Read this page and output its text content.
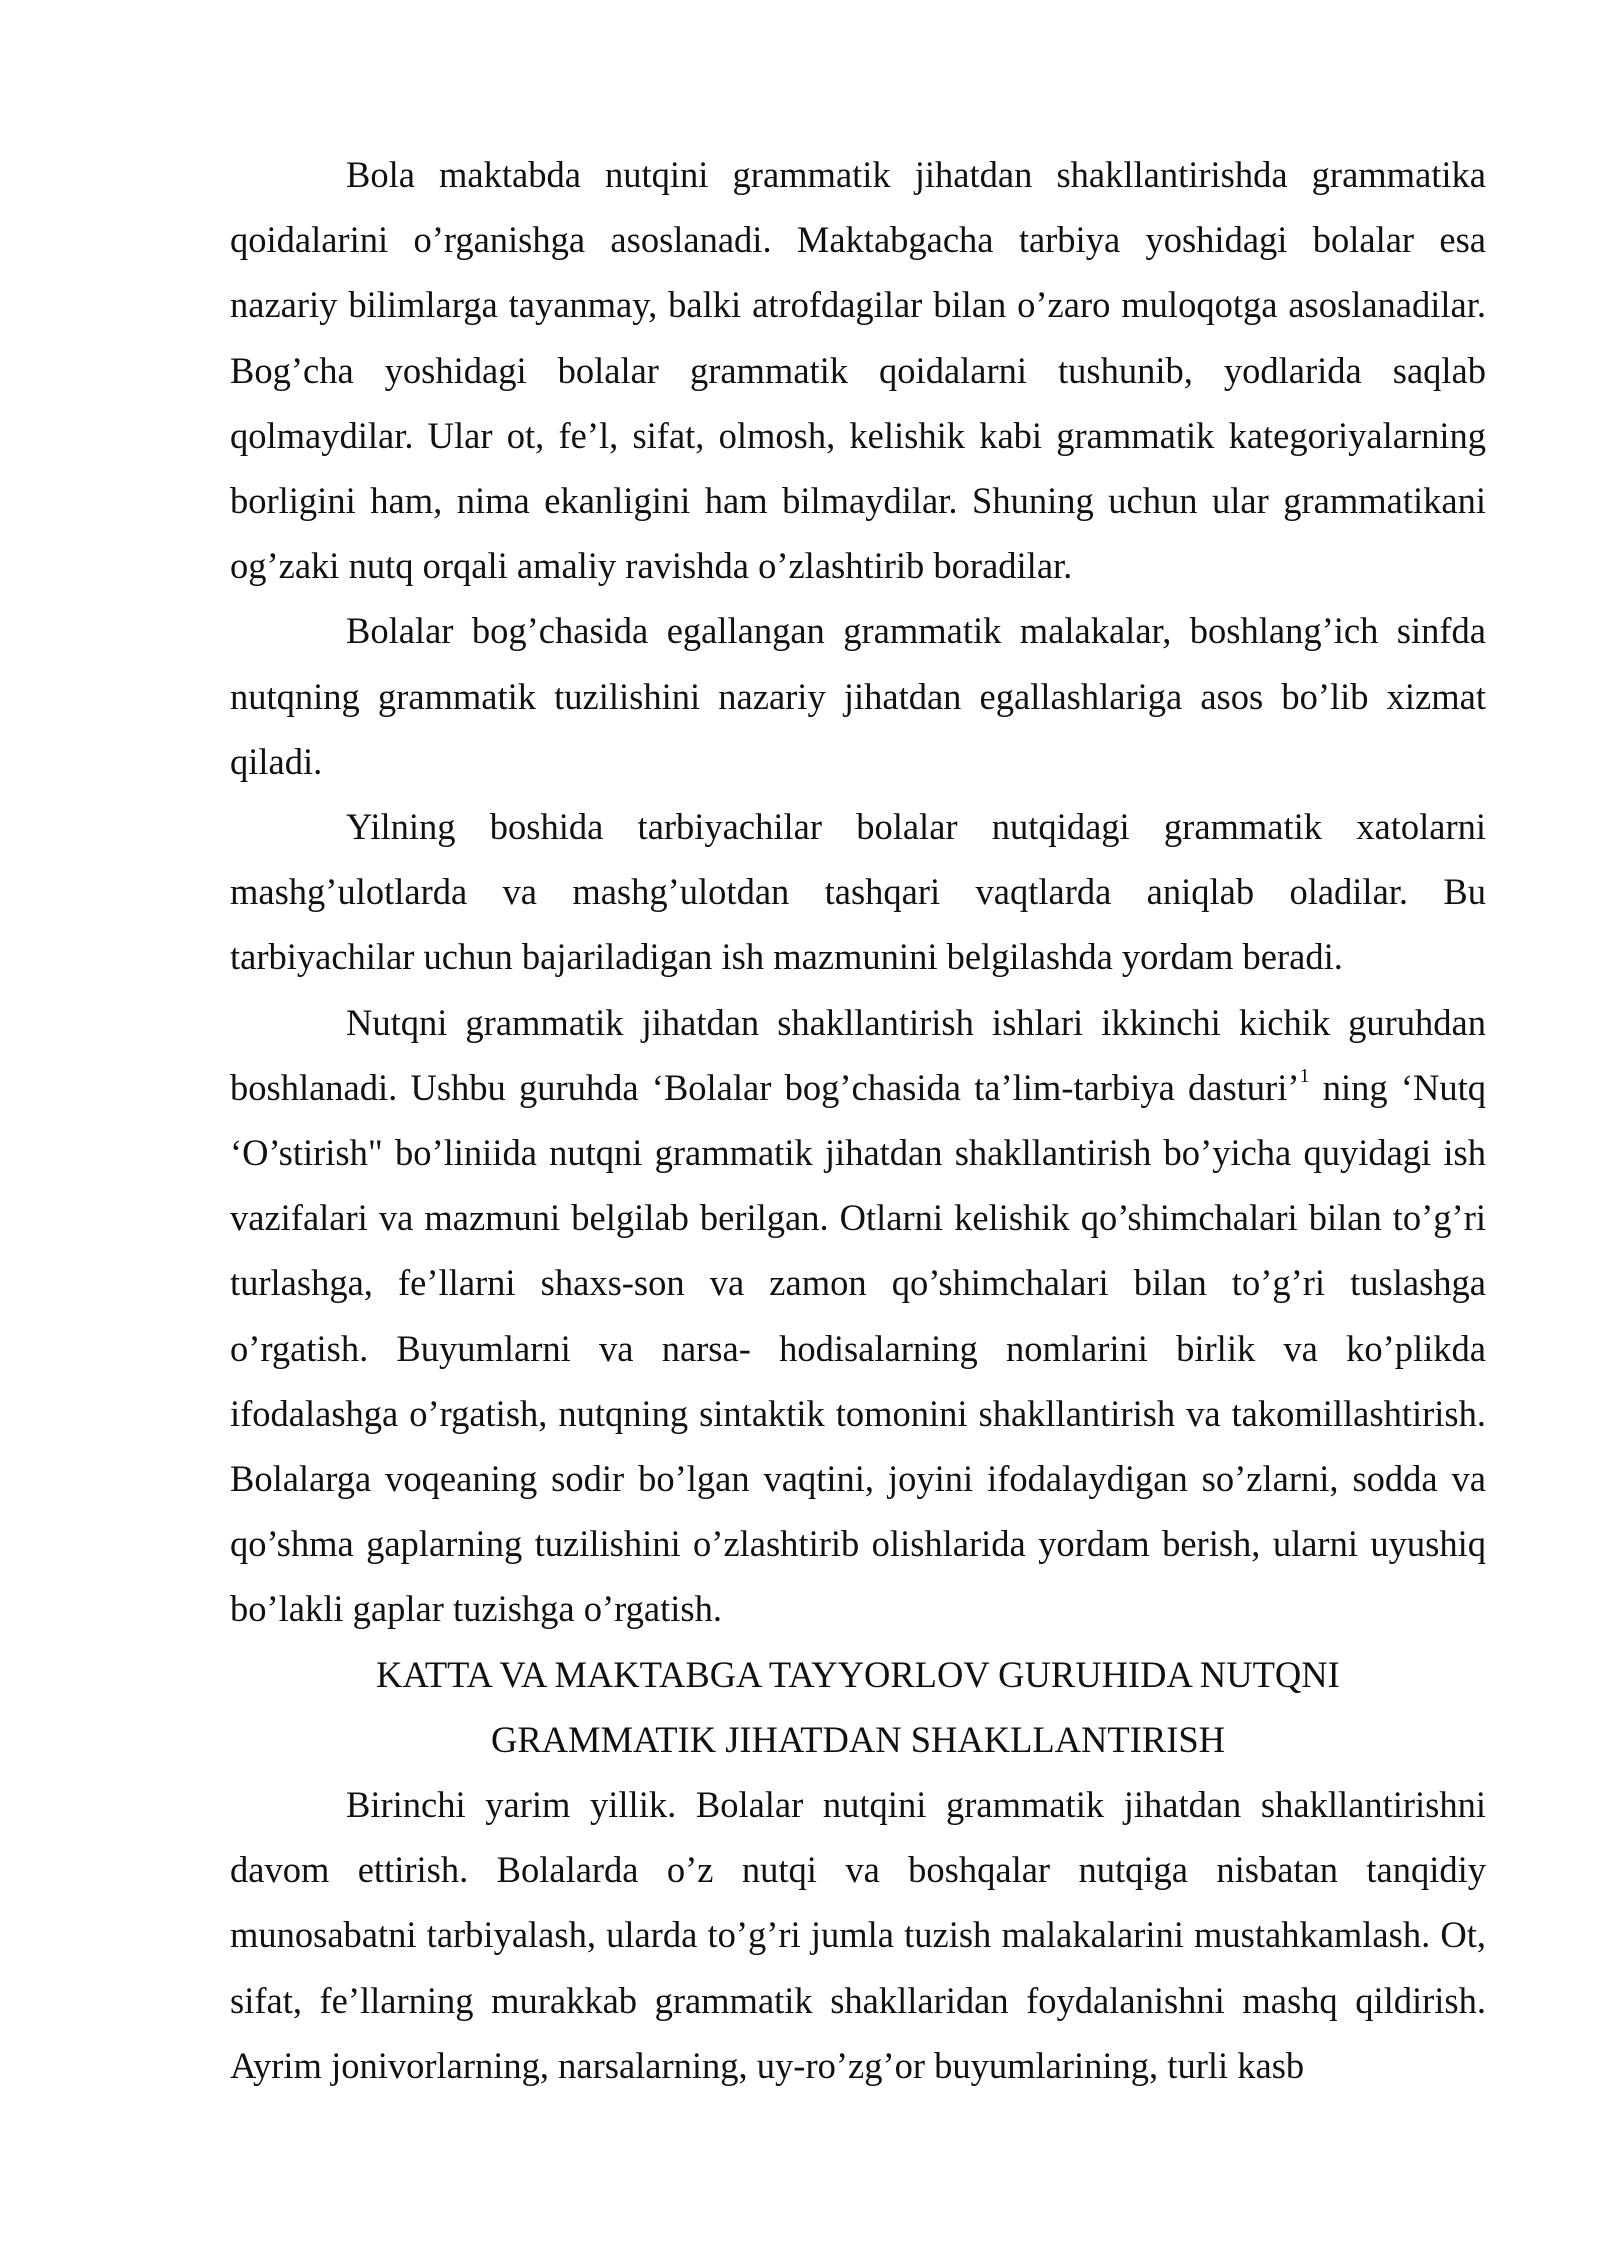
Bola maktabda nutqini grammatik jihatdan shakllantirishda grammatika qoidalarini o’rganishga asoslanadi. Maktabgacha tarbiya yoshidagi bolalar esa nazariy bilimlarga tayanmay, balki atrofdagilar bilan o’zaro muloqotga asoslanadilar. Bog’cha yoshidagi bolalar grammatik qoidalarni tushunib, yodlarida saqlab qolmaydilar. Ular ot, fe’l, sifat, olmosh, kelishik kabi grammatik kategoriyalarning borligini ham, nima ekanligini ham bilmaydilar. Shuning uchun ular grammatikani og’zaki nutq orqali amaliy ravishda o’zlashtirib boradilar.

Bolalar bog’chasida egallangan grammatik malakalar, boshlang’ich sinfda nutqning grammatik tuzilishini nazariy jihatdan egallashlariga asos bo’lib xizmat qiladi.

Yilning boshida tarbiyachilar bolalar nutqidagi grammatik xatolarni mashg’ulotlarda va mashg’ulotdan tashqari vaqtlarda aniqlab oladilar. Bu tarbiyachilar uchun bajariladigan ish mazmunini belgilashda yordam beradi.

Nutqni grammatik jihatdan shakllantirish ishlari ikkinchi kichik guruhdan boshlanadi. Ushbu guruhda ‘Bolalar bog’chasida ta’lim-tarbiya dasturi’$^1$ ning ‘Nutq ‘O’stirish" bo’liniida nutqni grammatik jihatdan shakllantirish bo’yicha quyidagi ish vazifalari va mazmuni belgilab berilgan. Otlarni kelishik qo’shimchalari bilan to’g’ri turlashga, fe’llarni shaxs-son va zamon qo’shimchalari bilan to’g’ri tuslashga o’rgatish. Buyumlarni va narsa- hodisalarning nomlarini birlik va ko’plikda ifodalashga o’rgatish, nutqning sintaktik tomonini shakllantirish va takomillashtirish. Bolalarga voqeaning sodir bo’lgan vaqtini, joyini ifodalaydigan so’zlarni, sodda va qo’shma gaplarning tuzilishini o’zlashtirib olishlarida yordam berish, ularni uyushiq bo’lakli gaplar tuzishga o’rgatish.

KATTA VA MAKTABGA TAYYORLOV GURUHIDA NUTQNI

GRAMMATIK JIHATDAN SHAKLLANTIRISH

Birinchi yarim yillik. Bolalar nutqini grammatik jihatdan shakllantirishni davom ettirish. Bolalarda o’z nutqi va boshqalar nutqiga nisbatan tanqidiy munosabatni tarbiyalash, ularda to’g’ri jumla tuzish malakalarini mustahkamlash. Ot, sifat, fe’llarning murakkab grammatik shakllaridan foydalanishni mashq qildirish. Ayrim jonivorlarning, narsalarning, uy-ro’zg’or buyumlarining, turli kasb
